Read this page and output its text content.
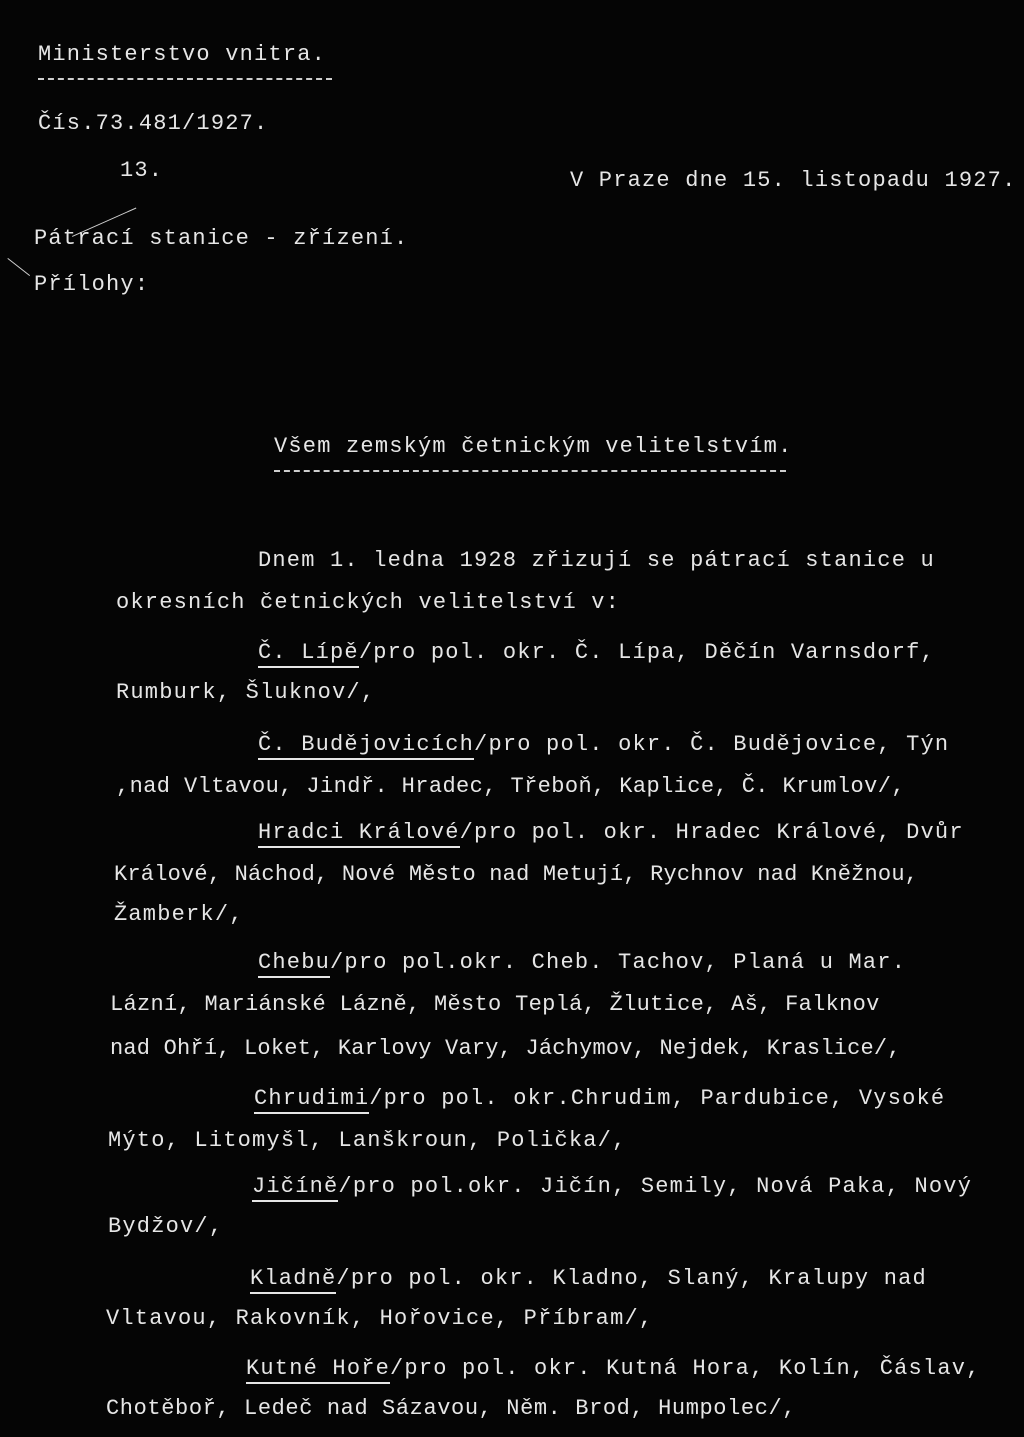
Ministerstvo vnitra.
Čís.73.481/1927.
13.	V Praze dne 15. listopadu 1927.
Pátrací stanice - zřízení.
Přílohy:
Všem zemským četnickým velitelstvím.
Dnem 1. ledna 1928 zřizují se pátrací stanice u
okresních četnických velitelství v:
Č. Lípě/pro pol. okr. Č. Lípa, Děčín Varnsdorf,
Rumburk, Šluknov/,
Č. Budějovicích/pro pol. okr. Č. Budějovice, Týn
,nad Vltavou, Jindř. Hradec, Třeboň, Kaplice, Č. Krumlov/,
Hradci Králové/pro pol. okr. Hradec Králové, Dvůr
Králové, Náchod, Nové Město nad Metují, Rychnov nad Kněžnou,
Žamberk/,
Chebu/pro pol.okr. Cheb. Tachov, Planá u Mar.
Lázní, Mariánské Lázně, Město Teplá, Žlutice, Aš, Falknov
nad Ohří, Loket, Karlovy Vary, Jáchymov, Nejdek, Kraslice/,
Chrudimi/pro pol. okr.Chrudim, Pardubice, Vysoké
Mýto, Litomyšl, Lanškroun, Polička/,
Jičíně/pro pol.okr. Jičín, Semily, Nová Paka, Nový
Bydžov/,
Kladně/pro pol. okr. Kladno, Slaný, Kralupy nad
Vltavou, Rakovník, Hořovice, Příbram/,
Kutné Hoře/pro pol. okr. Kutná Hora, Kolín, Čáslav,
Chotěboř, Ledeč nad Sázavou, Něm. Brod, Humpolec/,
